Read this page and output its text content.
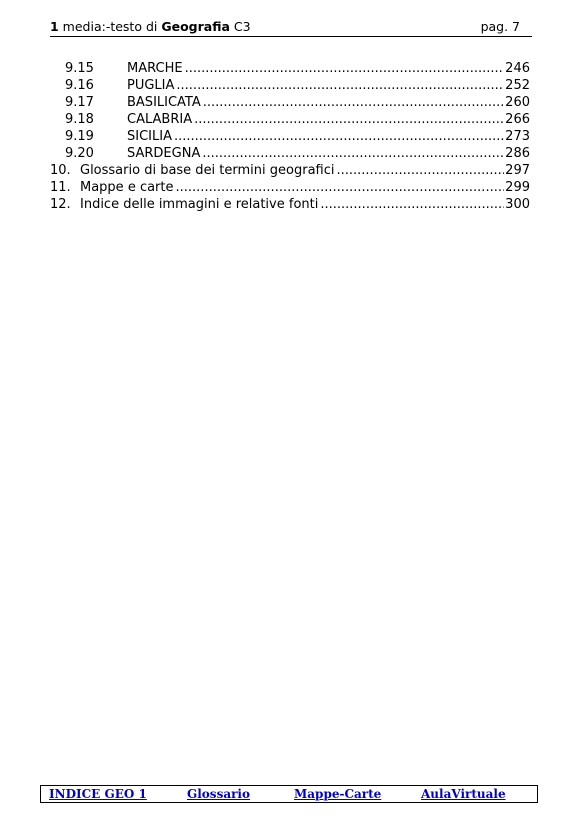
1 media:-testo di Geografia C3	pag. 7
9.15	MARCHE .....	246
9.16	PUGLIA .....	252
9.17	BASILICATA .....	260
9.18	CALABRIA .....	266
9.19	SICILIA .....	273
9.20	SARDEGNA .....	286
10. Glossario di base dei termini geografici .....	297
11. Mappe e carte .....	299
12. Indice delle immagini e relative fonti .....	300
INDICE GEO 1	Glossario	Mappe-Carte	AulaVirtuale
